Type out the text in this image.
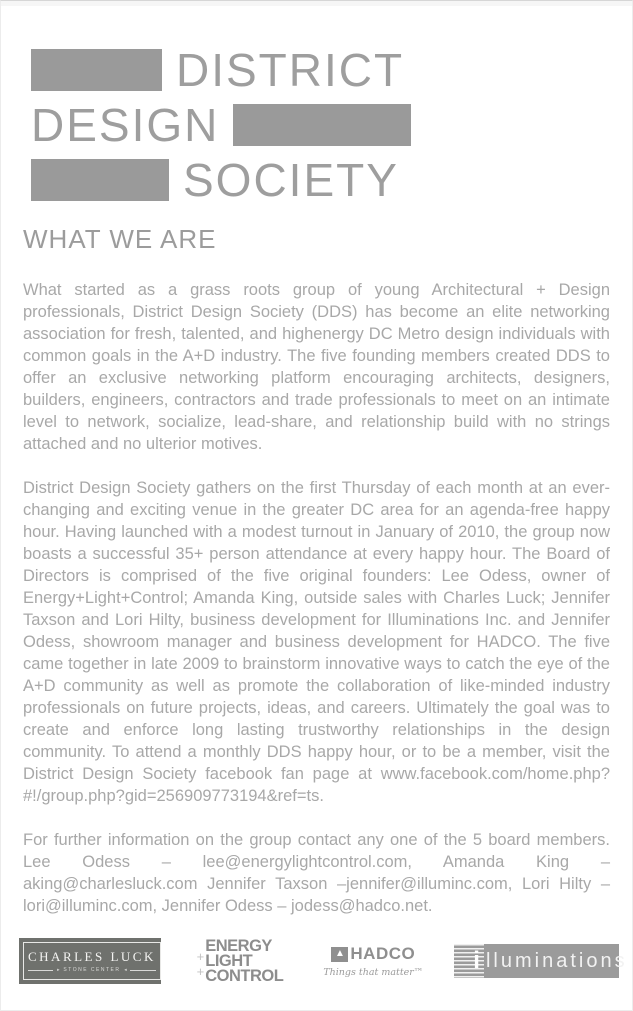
DISTRICT
DESIGN
SOCIETY
WHAT WE ARE

What started as a grass roots group of young Architectural + Design professionals, District Design Society (DDS) has become an elite networking association for fresh, talented, and highenergy DC Metro design individuals with common goals in the A+D industry. The five founding members created DDS to offer an exclusive networking platform encouraging architects, designers, builders, engineers, contractors and trade professionals to meet on an intimate level to network, socialize, lead-share, and relationship build with no strings attached and no ulterior motives.

District Design Society gathers on the first Thursday of each month at an ever-changing and exciting venue in the greater DC area for an agenda-free happy hour. Having launched with a modest turnout in January of 2010, the group now boasts a successful 35+ person attendance at every happy hour. The Board of Directors is comprised of the five original founders: Lee Odess, owner of Energy+Light+Control; Amanda King, outside sales with Charles Luck; Jennifer Taxson and Lori Hilty, business development for Illuminations Inc. and Jennifer Odess, showroom manager and business development for HADCO. The five came together in late 2009 to brainstorm innovative ways to catch the eye of the A+D community as well as promote the collaboration of like-minded industry professionals on future projects, ideas, and careers. Ultimately the goal was to create and enforce long lasting trustworthy relationships in the design community. To attend a monthly DDS happy hour, or to be a member, visit the District Design Society facebook fan page at www.facebook.com/home.php?#!/group.php?gid=256909773194&ref=ts.

For further information on the group contact any one of the 5 board members. Lee Odess – lee@energylightcontrol.com, Amanda King – aking@charlesluck.com Jennifer Taxson –jennifer@illuminc.com, Lori Hilty – lori@illuminc.com, Jennifer Odess – jodess@hadco.net.

CHARLES LUCK
► STONE CENTER ◄
+
+
ENERGY
LIGHT
CONTROL
▲ HADCO
Things that matter™ i lluminations
